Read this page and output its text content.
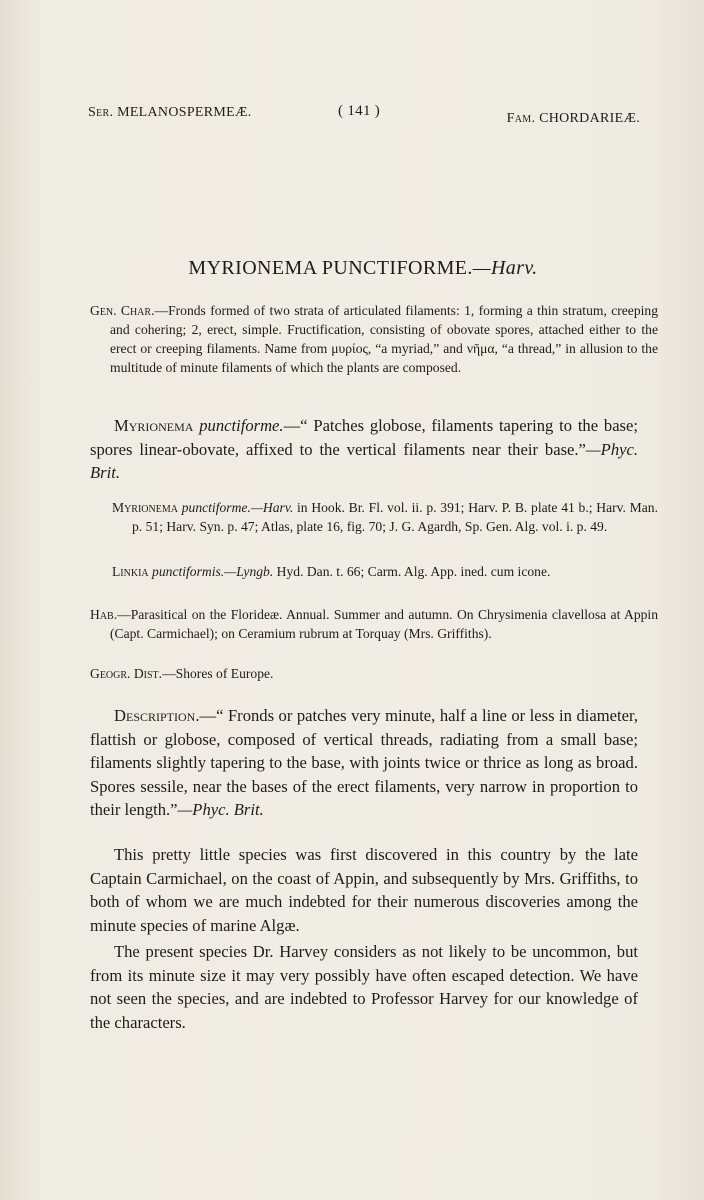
Ser. MELANOSPERMEÆ.	( 141 )	Fam. CHORDARIEÆ.
MYRIONEMA PUNCTIFORME.—Harv.
Gen. Char.—Fronds formed of two strata of articulated filaments: 1, forming a thin stratum, creeping and cohering; 2, erect, simple. Fructification, consisting of obovate spores, attached either to the erect or creeping filaments. Name from μυρίος, “a myriad,” and νῆμα, “a thread,” in allusion to the multitude of minute filaments of which the plants are composed.

Myrionema punctiforme.—“ Patches globose, filaments tapering to the base; spores linear-obovate, affixed to the vertical filaments near their base.”—Phyc. Brit.

Myrionema punctiforme.—Harv. in Hook. Br. Fl. vol. ii. p. 391; Harv. P. B. plate 41 b.; Harv. Man. p. 51; Harv. Syn. p. 47; Atlas, plate 16, fig. 70; J. G. Agardh, Sp. Gen. Alg. vol. i. p. 49.
Linkia punctiformis.—Lyngb. Hyd. Dan. t. 66; Carm. Alg. App. ined. cum icone.
Hab.—Parasitical on the Florideæ. Annual. Summer and autumn. On Chrysimenia clavellosa at Appin (Capt. Carmichael); on Ceramium rubrum at Torquay (Mrs. Griffiths).
Geogr. Dist.—Shores of Europe.

Description.—“ Fronds or patches very minute, half a line or less in diameter, flattish or globose, composed of vertical threads, radiating from a small base; filaments slightly tapering to the base, with joints twice or thrice as long as broad. Spores sessile, near the bases of the erect filaments, very narrow in proportion to their length.”—Phyc. Brit.

This pretty little species was first discovered in this country by the late Captain Carmichael, on the coast of Appin, and subsequently by Mrs. Griffiths, to both of whom we are much indebted for their numerous discoveries among the minute species of marine Algæ.

The present species Dr. Harvey considers as not likely to be uncommon, but from its minute size it may very possibly have often escaped detection. We have not seen the species, and are indebted to Professor Harvey for our knowledge of the characters.
